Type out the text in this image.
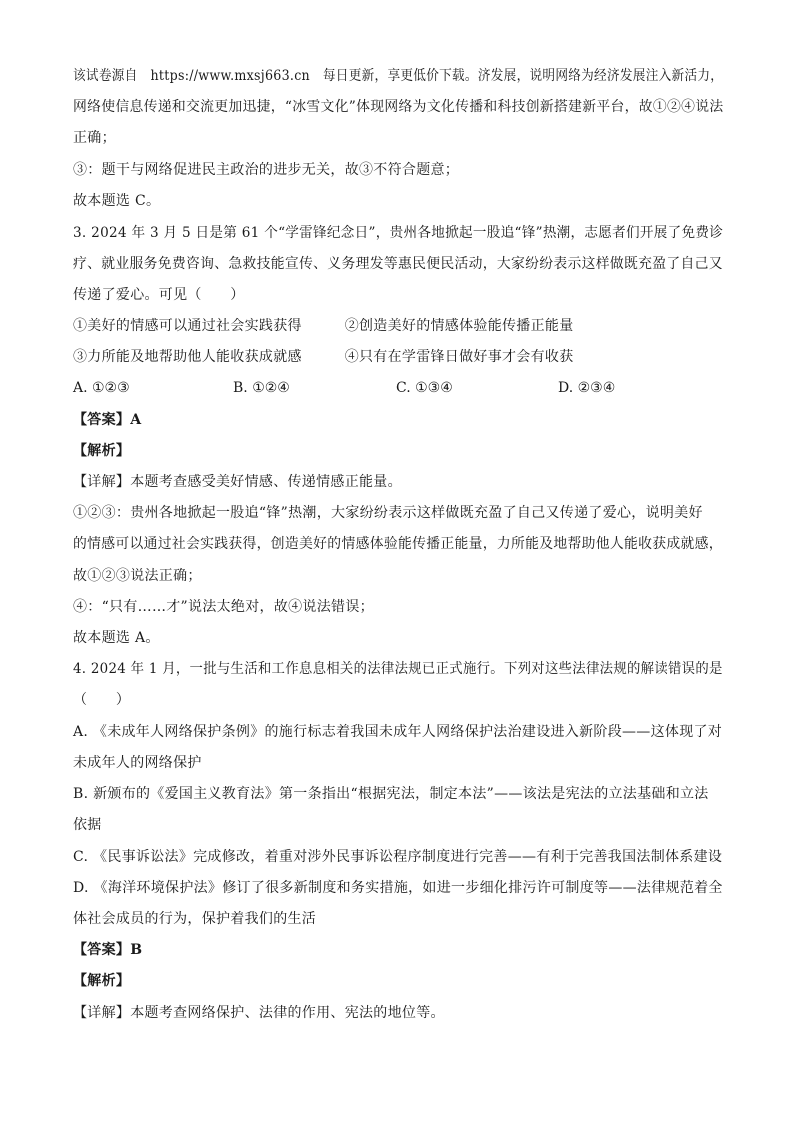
该试卷源自　https://www.mxsj663.cn　每日更新，享更低价下载。济发展，说明网络为经济发展注入新活力，
网络使信息传递和交流更加迅捷，“冰雪文化”体现网络为文化传播和科技创新搭建新平台，故①②④说法
正确；
③：题干与网络促进民主政治的进步无关，故③不符合题意；
故本题选 C。
3. 2024 年 3 月 5 日是第 61 个“学雷锋纪念日”，贵州各地掀起一股追“锋”热潮，志愿者们开展了免费诊
疗、就业服务免费咨询、急救技能宣传、义务理发等惠民便民活动，大家纷纷表示这样做既充盈了自己又
传递了爱心。可见（　　）
①美好的情感可以通过社会实践获得　　　②创造美好的情感体验能传播正能量
③力所能及地帮助他人能收获成就感　　　④只有在学雷锋日做好事才会有收获
A. ①②③	B. ①②④	C. ①③④	D. ②③④
【答案】A
【解析】
【详解】本题考查感受美好情感、传递情感正能量。
①②③：贵州各地掀起一股追“锋”热潮，大家纷纷表示这样做既充盈了自己又传递了爱心，说明美好
的情感可以通过社会实践获得，创造美好的情感体验能传播正能量，力所能及地帮助他人能收获成就感，
故①②③说法正确；
④：“只有……才”说法太绝对，故④说法错误；
故本题选 A。
4. 2024 年 1 月，一批与生活和工作息息相关的法律法规已正式施行。下列对这些法律法规的解读错误的是
（　　）
A. 《未成年人网络保护条例》的施行标志着我国未成年人网络保护法治建设进入新阶段——这体现了对
未成年人的网络保护
B. 新颁布的《爱国主义教育法》第一条指出“根据宪法，制定本法”——该法是宪法的立法基础和立法
依据
C. 《民事诉讼法》完成修改，着重对涉外民事诉讼程序制度进行完善——有利于完善我国法制体系建设
D. 《海洋环境保护法》修订了很多新制度和务实措施，如进一步细化排污许可制度等——法律规范着全
体社会成员的行为，保护着我们的生活
【答案】B
【解析】
【详解】本题考查网络保护、法律的作用、宪法的地位等。
